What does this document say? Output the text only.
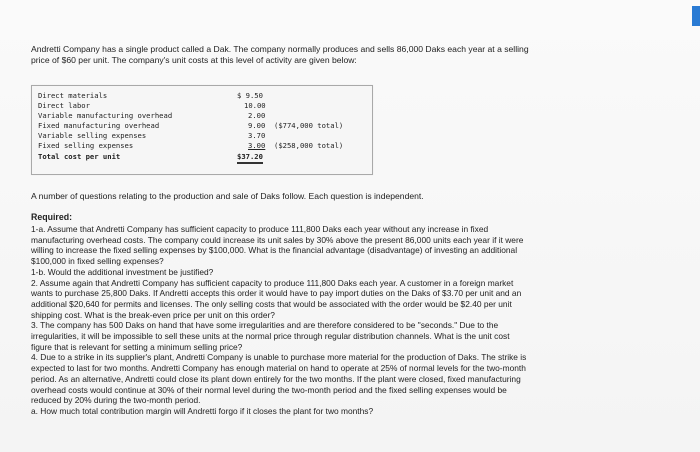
Andretti Company has a single product called a Dak. The company normally produces and sells 86,000 Daks each year at a selling
price of $60 per unit. The company's unit costs at this level of activity are given below:
Direct materials	$ 9.50
Direct labor	10.00
Variable manufacturing overhead	2.00
Fixed manufacturing overhead	9.00 ($774,000 total)
Variable selling expenses	3.70
Fixed selling expenses	3.00 ($258,000 total)
Total cost per unit	$37.20

A number of questions relating to the production and sale of Daks follow. Each question is independent.

Required:

1-a. Assume that Andretti Company has sufficient capacity to produce 111,800 Daks each year without any increase in fixed

manufacturing overhead costs. The company could increase its unit sales by 30% above the present 86,000 units each year if it were

willing to increase the fixed selling expenses by $100,000. What is the financial advantage (disadvantage) of investing an additional

$100,000 in fixed selling expenses?

1-b. Would the additional investment be justified?

2. Assume again that Andretti Company has sufficient capacity to produce 111,800 Daks each year. A customer in a foreign market

wants to purchase 25,800 Daks. If Andretti accepts this order it would have to pay import duties on the Daks of $3.70 per unit and an

additional $20,640 for permits and licenses. The only selling costs that would be associated with the order would be $2.40 per unit

shipping cost. What is the break-even price per unit on this order?

3. The company has 500 Daks on hand that have some irregularities and are therefore considered to be "seconds." Due to the

irregularities, it will be impossible to sell these units at the normal price through regular distribution channels. What is the unit cost

figure that is relevant for setting a minimum selling price?

4. Due to a strike in its supplier's plant, Andretti Company is unable to purchase more material for the production of Daks. The strike is

expected to last for two months. Andretti Company has enough material on hand to operate at 25% of normal levels for the two-month

period. As an alternative, Andretti could close its plant down entirely for the two months. If the plant were closed, fixed manufacturing

overhead costs would continue at 30% of their normal level during the two-month period and the fixed selling expenses would be

reduced by 20% during the two-month period.

a. How much total contribution margin will Andretti forgo if it closes the plant for two months?
